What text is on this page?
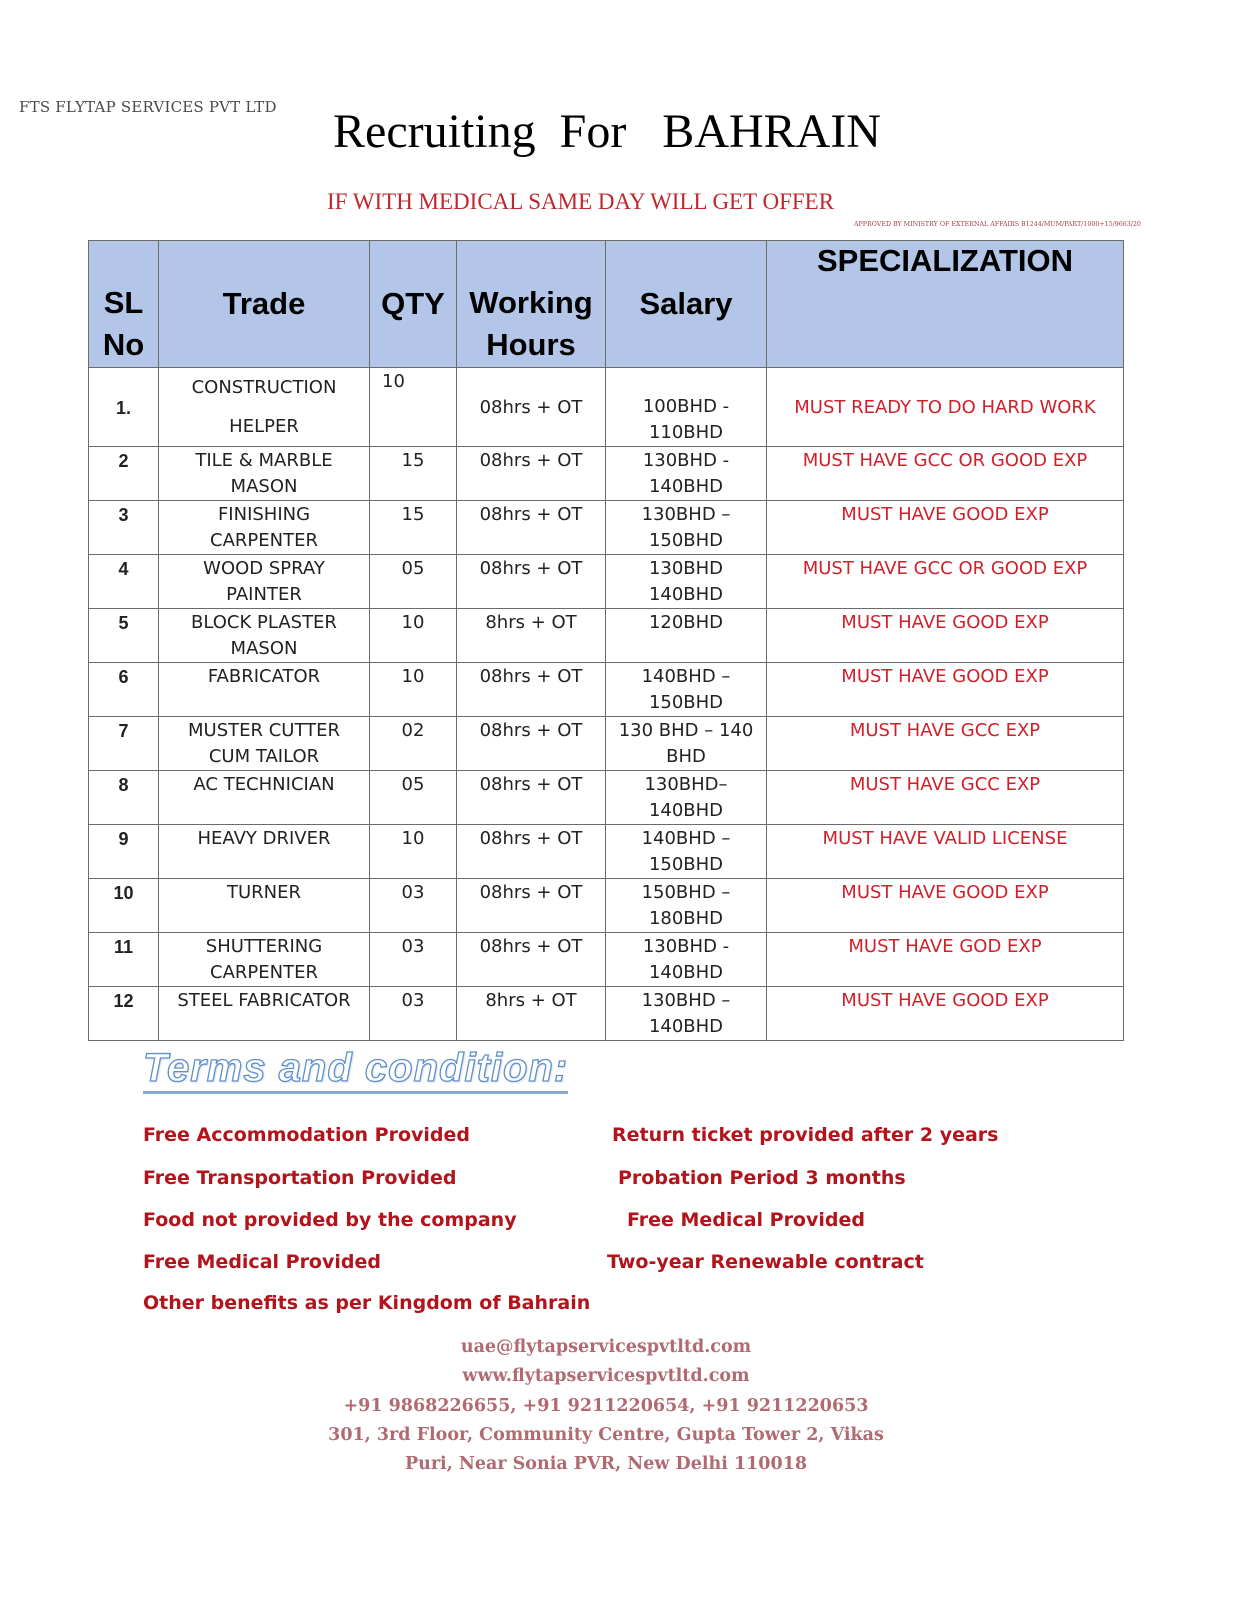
FTS FLYTAP SERVICES PVT LTD Recruiting  For   BAHRAIN
IF WITH MEDICAL SAME DAY WILL GET OFFER
APPROVED BY MINISTRY OF EXTERNAL AFFAIRS B1244/MUM/PART/1000+15/9663/20
SL
No	Trade	QTY	Working
Hours	Salary	SPECIALIZATION
1.	CONSTRUCTION
HELPER	10	08hrs + OT	100BHD -
110BHD	MUST READY TO DO HARD WORK
2	TILE & MARBLE
MASON	15	08hrs + OT	130BHD -
140BHD	MUST HAVE GCC OR GOOD EXP
3	FINISHING
CARPENTER	15	08hrs + OT	130BHD –
150BHD	MUST HAVE GOOD EXP
4	WOOD SPRAY
PAINTER	05	08hrs + OT	130BHD
140BHD	MUST HAVE GCC OR GOOD EXP
5	BLOCK PLASTER
MASON	10	8hrs + OT	120BHD	MUST HAVE GOOD EXP
6	FABRICATOR	10	08hrs + OT	140BHD –
150BHD	MUST HAVE GOOD EXP
7	MUSTER CUTTER
CUM TAILOR	02	08hrs + OT	130 BHD – 140
BHD	MUST HAVE GCC EXP
8	AC TECHNICIAN	05	08hrs + OT	130BHD–
140BHD	MUST HAVE GCC EXP
9	HEAVY DRIVER	10	08hrs + OT	140BHD –
150BHD	MUST HAVE VALID LICENSE
10	TURNER	03	08hrs + OT	150BHD –
180BHD	MUST HAVE GOOD EXP
11	SHUTTERING
CARPENTER	03	08hrs + OT	130BHD -
140BHD	MUST HAVE GOD EXP
12	STEEL FABRICATOR	03	8hrs + OT	130BHD –
140BHD	MUST HAVE GOOD EXP
Terms and condition:
Free Accommodation Provided
Free Transportation Provided
Food not provided by the company
Free Medical Provided
Other benefits as per Kingdom of Bahrain
Return ticket provided after 2 years
Probation Period 3 months
Free Medical Provided
Two-year Renewable contract
uae@flytapservicespvtltd.com
www.flytapservicespvtltd.com
+91 9868226655, +91 9211220654, +91 9211220653
301, 3rd Floor, Community Centre, Gupta Tower 2, Vikas
Puri, Near Sonia PVR, New Delhi 110018
